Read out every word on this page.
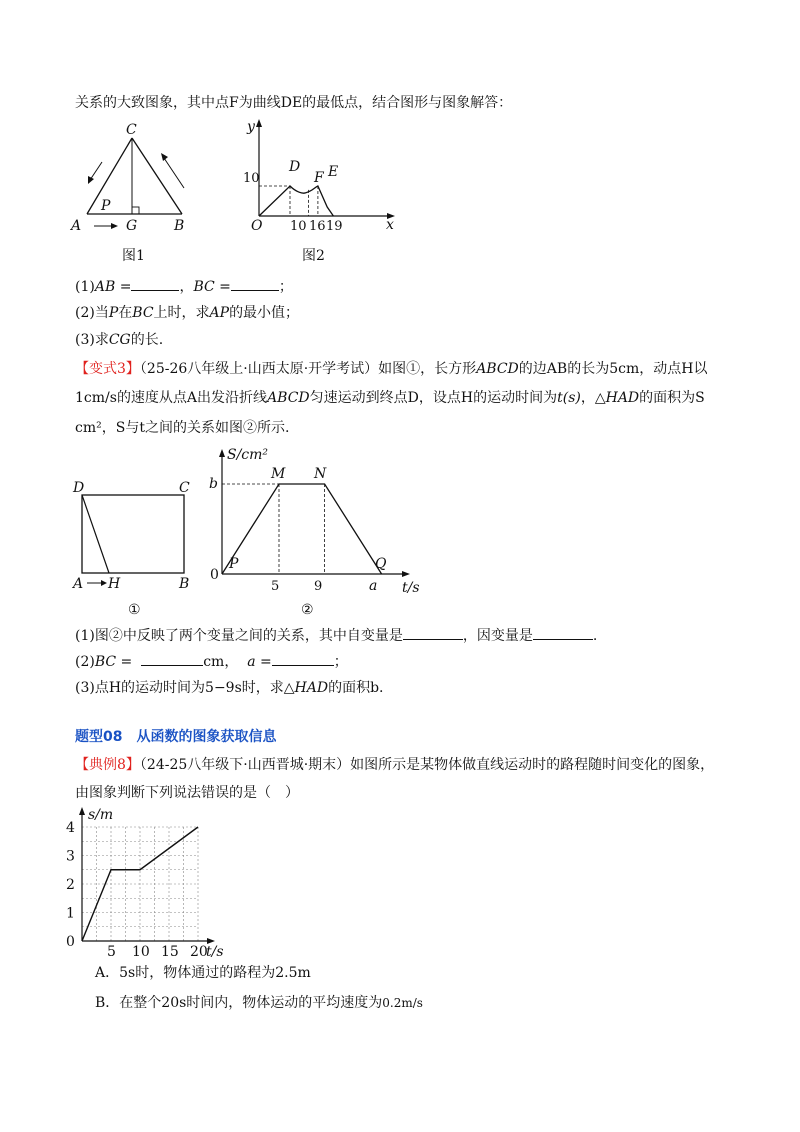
关系的大致图象，其中点F为曲线DE的最低点，结合图形与图象解答：
C
P
A	G	B
图1
y
x
O
10
10 16 19
D
F E
图2
(1)AB =	，BC =	；
(2)当P在BC上时，求AP的最小值；
(3)求CG的长.
【变式3】（25-26八年级上·山西太原·开学考试）如图①，长方形ABCD的边AB的长为5cm，动点H以
1cm/s的速度从点A出发沿折线ABCD匀速运动到终点D，设点H的运动时间为t(s)，△HAD的面积为S
cm²，S与t之间的关系如图②所示.
D	C
A H	B
①
S/cm²
t/s
b
0
M N
P	Q
5	9	a
②
(1)图②中反映了两个变量之间的关系，其中自变量是	，因变量是	.
(2)BC =	cm， a =	；
(3)点H的运动时间为5−9s时，求△HAD的面积b.
题型08　从函数的图象获取信息
【典例8】（24-25八年级下·山西晋城·期末）如图所示是某物体做直线运动时的路程随时间变化的图象，
由图象判断下列说法错误的是（　）
0
1
2
3
4
5 10 15 20
s/m
t/s
A．5s时，物体通过的路程为2.5m
B．在整个20s时间内，物体运动的平均速度为0.2m/s
